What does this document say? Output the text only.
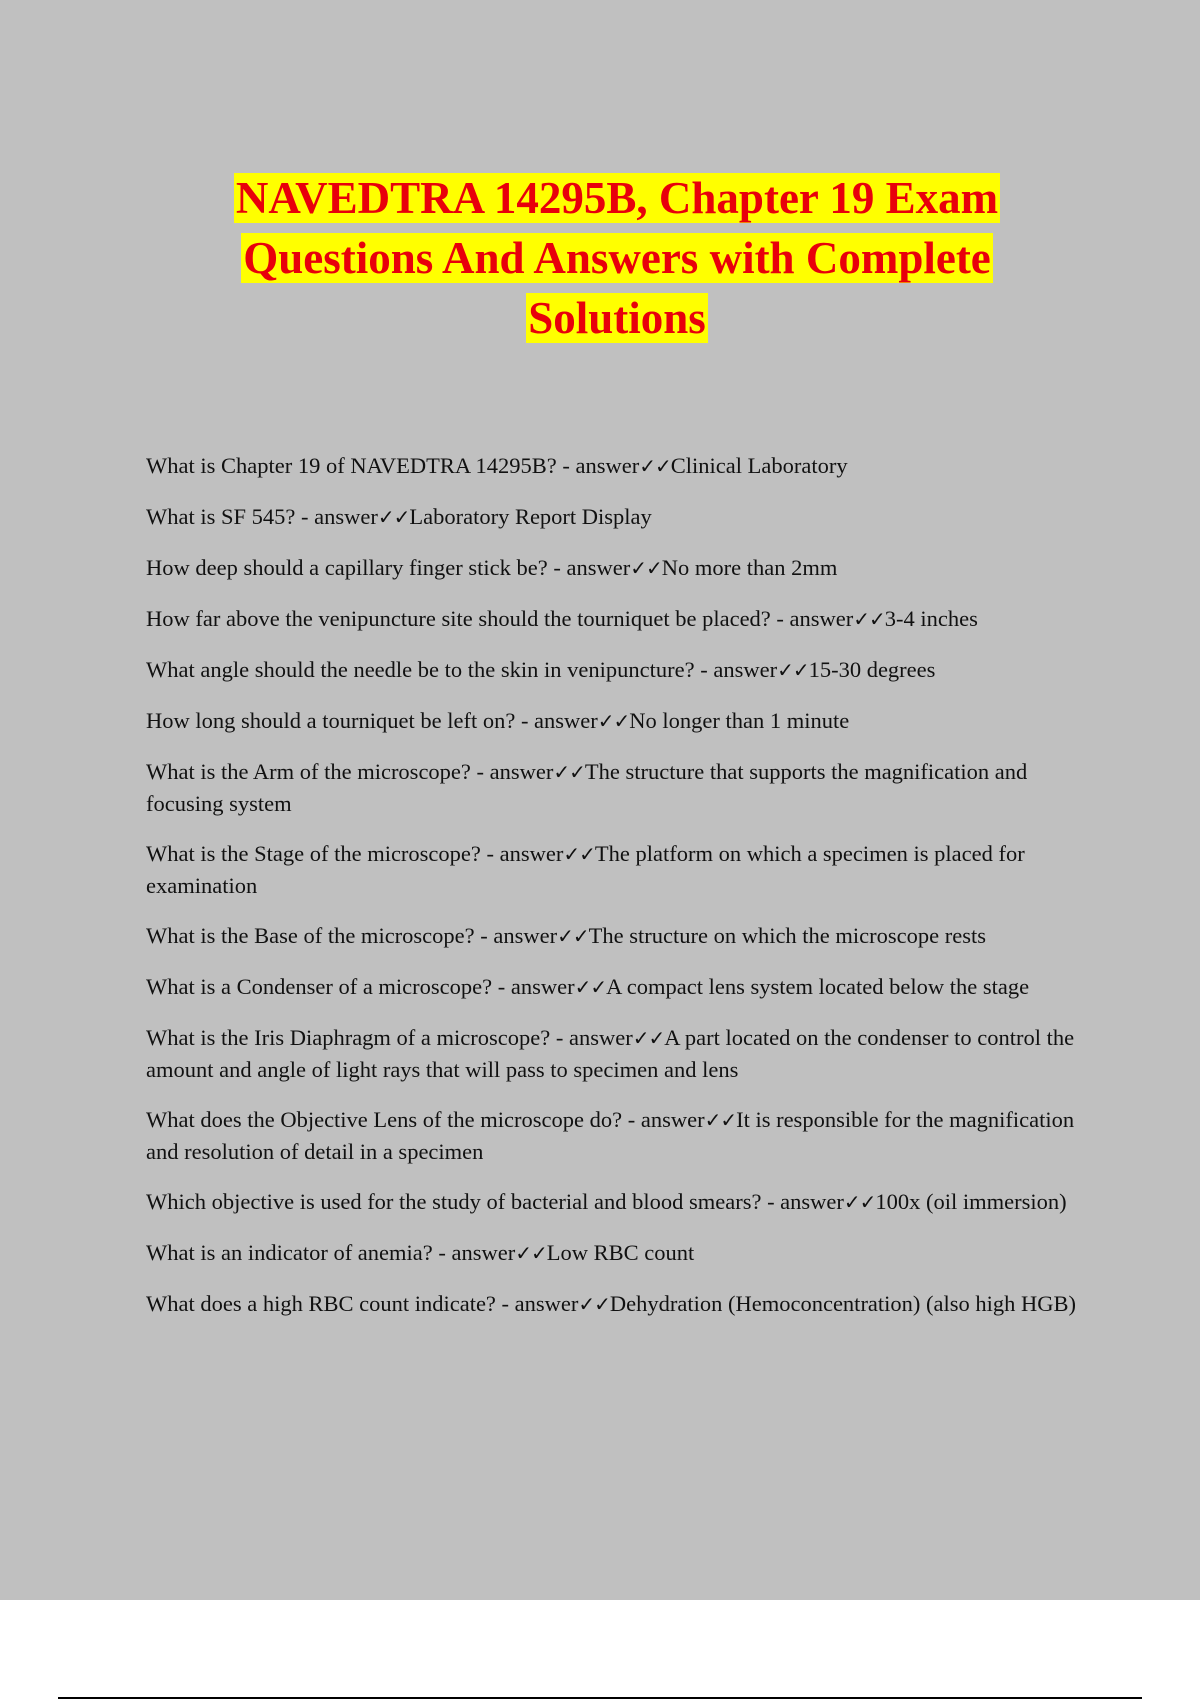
NAVEDTRA 14295B, Chapter 19 Exam Questions And Answers with Complete Solutions
What is Chapter 19 of NAVEDTRA 14295B? - answer✓✓Clinical Laboratory
What is SF 545? - answer✓✓Laboratory Report Display
How deep should a capillary finger stick be? - answer✓✓No more than 2mm
How far above the venipuncture site should the tourniquet be placed? - answer✓✓3-4 inches
What angle should the needle be to the skin in venipuncture? - answer✓✓15-30 degrees
How long should a tourniquet be left on? - answer✓✓No longer than 1 minute
What is the Arm of the microscope? - answer✓✓The structure that supports the magnification and focusing system
What is the Stage of the microscope? - answer✓✓The platform on which a specimen is placed for examination
What is the Base of the microscope? - answer✓✓The structure on which the microscope rests
What is a Condenser of a microscope? - answer✓✓A compact lens system located below the stage
What is the Iris Diaphragm of a microscope? - answer✓✓A part located on the condenser to control the amount and angle of light rays that will pass to specimen and lens
What does the Objective Lens of the microscope do? - answer✓✓It is responsible for the magnification and resolution of detail in a specimen
Which objective is used for the study of bacterial and blood smears? - answer✓✓100x (oil immersion)
What is an indicator of anemia? - answer✓✓Low RBC count
What does a high RBC count indicate? - answer✓✓Dehydration (Hemoconcentration) (also high HGB)
